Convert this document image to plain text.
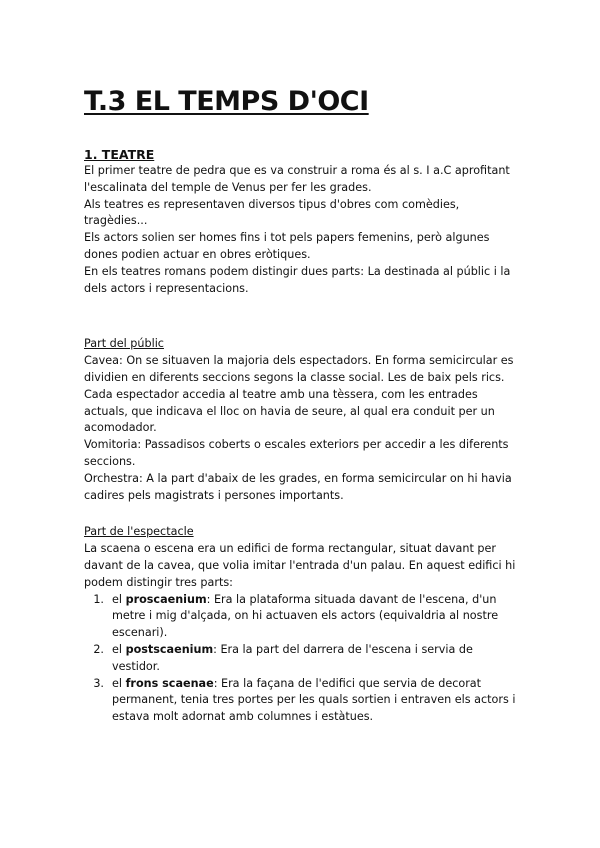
T.3 EL TEMPS D'OCI
1. TEATRE

El primer teatre de pedra que es va construir a roma és al s. I a.C aprofitant l'escalinata del temple de Venus per fer les grades.

Als teatres es representaven diversos tipus d'obres com comèdies, tragèdies...

Els actors solien ser homes fins i tot pels papers femenins, però algunes dones podien actuar en obres eròtiques.

En els teatres romans podem distingir dues parts: La destinada al públic i la dels actors i representacions.

Part del públic

Cavea: On se situaven la majoria dels espectadors. En forma semicircular es dividien en diferents seccions segons la classe social. Les de baix pels rics.

Cada espectador accedia al teatre amb una tèssera, com les entrades actuals, que indicava el lloc on havia de seure, al qual era conduit per un acomodador.

Vomitoria: Passadisos coberts o escales exteriors per accedir a les diferents seccions.

Orchestra: A la part d'abaix de les grades, en forma semicircular on hi havia cadires pels magistrats i persones importants.

Part de l'espectacle

La scaena o escena era un edifici de forma rectangular, situat davant per davant de la cavea, que volia imitar l'entrada d'un palau. En aquest edifici hi podem distingir tres parts:

1. el proscaenium: Era la plataforma situada davant de l'escena, d'un metre i mig d'alçada, on hi actuaven els actors (equivaldria al nostre escenari).
2. el postscaenium: Era la part del darrera de l'escena i servia de vestidor.
3. el frons scaenae: Era la façana de l'edifici que servia de decorat permanent, tenia tres portes per les quals sortien i entraven els actors i estava molt adornat amb columnes i estàtues.
